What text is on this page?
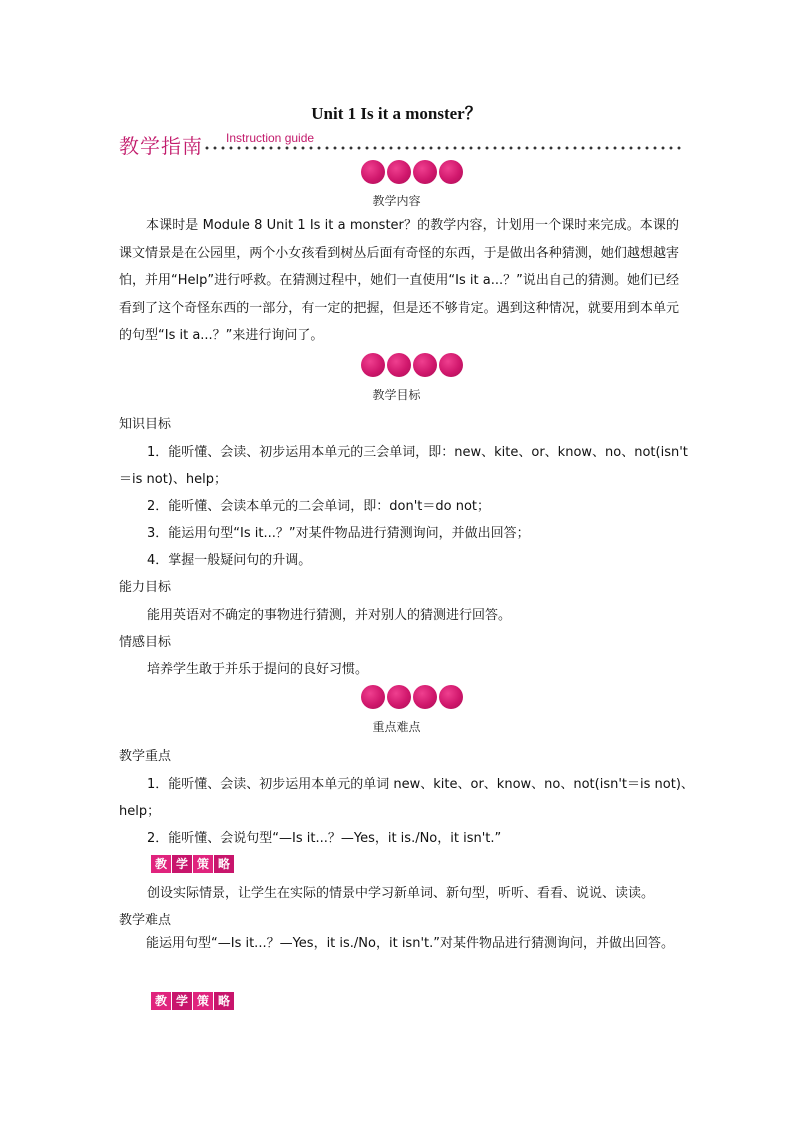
Unit 1 Is it a monster？
教学指南 Instruction guide
教学内容
本课时是 Module 8 Unit 1 Is it a monster？的教学内容，计划用一个课时来完成。本课的课文情景是在公园里，两个小女孩看到树丛后面有奇怪的东西，于是做出各种猜测，她们越想越害怕，并用“Help”进行呼救。在猜测过程中，她们一直使用“Is it a...？”说出自己的猜测。她们已经看到了这个奇怪东西的一部分，有一定的把握，但是还不够肯定。遇到这种情况，就要用到本单元的句型“Is it a...？”来进行询问了。
教学目标
知识目标
1．能听懂、会读、初步运用本单元的三会单词，即：new、kite、or、know、no、not(isn't
＝is not)、help；
2．能听懂、会读本单元的二会单词，即：don't＝do not；
3．能运用句型“Is it...？”对某件物品进行猜测询问，并做出回答；
4．掌握一般疑问句的升调。
能力目标
能用英语对不确定的事物进行猜测，并对别人的猜测进行回答。
情感目标
培养学生敢于并乐于提问的良好习惯。
重点难点
教学重点
1．能听懂、会读、初步运用本单元的单词 new、kite、or、know、no、not(isn't＝is not)、
help；
2．能听懂、会说句型“—Is it...？—Yes，it is./No，it isn't.”
教 学 策 略
创设实际情景，让学生在实际的情景中学习新单词、新句型，听听、看看、说说、读读。
教学难点
能运用句型“—Is it...？—Yes，it is./No，it isn't.”对某件物品进行猜测询问，并做出回答。
教 学 策 略
